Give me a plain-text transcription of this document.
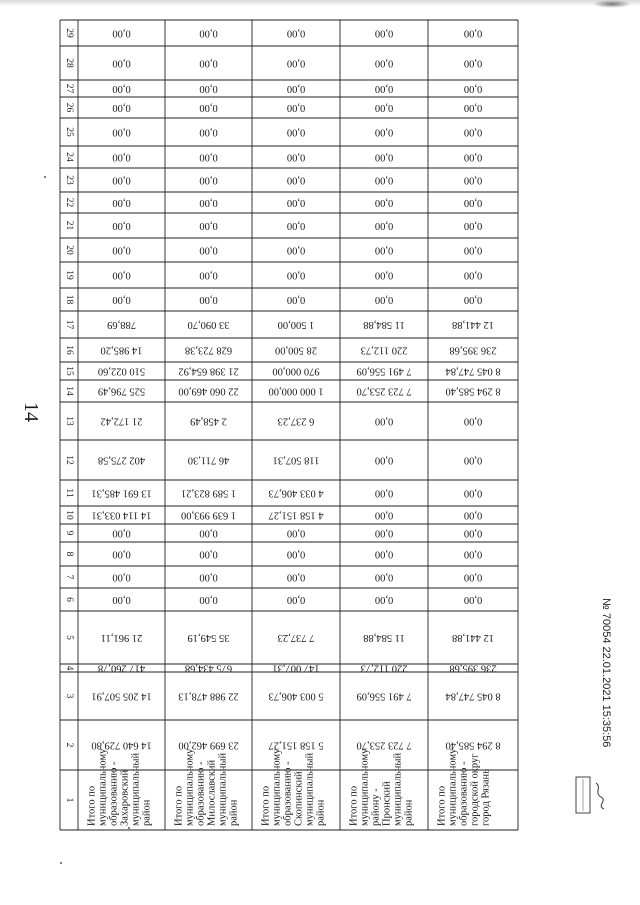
14
29
28
27
26
25
24
23
22
21
20
19
18
17
16
15
14
13
12
11
10
9
8
7
6
5
4
3
2
1
0,00
0,00
0,00
0,00
0,00
0,00
0,00
0,00
0,00
0,00
0,00
0,00
788,69
14 985,20
510 022,60
525 796,49
21 172,42
402 275,58
13 691 485,31
14 114 033,31
0,00
0,00
0,00
0,00
21 961,11
417 260,78
14 205 507,91
14 640 729,80
Итого по муниципальному образованию - Захаровский муниципальный район
0,00
0,00
0,00
0,00
0,00
0,00
0,00
0,00
0,00
0,00
0,00
0,00
33 090,70
628 723,38
21 398 654,92
22 060 469,00
2 458,49
46 711,30
1 589 823,21
1 639 993,00
0,00
0,00
0,00
0,00
35 549,19
675 434,68
22 988 478,13
23 699 462,00
Итого по муниципальному образованию - Милославский муниципальный район
0,00
0,00
0,00
0,00
0,00
0,00
0,00
0,00
0,00
0,00
0,00
0,00
1 500,00
28 500,00
970 000,00
1 000 000,00
6 237,23
118 507,31
4 033 406,73
4 158 151,27
0,00
0,00
0,00
0,00
7 737,23
147 007,31
5 003 406,73
5 158 151,27
Итого по муниципальному образованию - Скопинский муниципальный район
0,00
0,00
0,00
0,00
0,00
0,00
0,00
0,00
0,00
0,00
0,00
0,00
11 584,88
220 112,73
7 491 556,09
7 723 253,70
0,00
0,00
0,00
0,00
0,00
0,00
0,00
0,00
11 584,88
220 112,73
7 491 556,09
7 723 253,70
Итого по муниципальному району - Пронский муниципальный район
0,00
0,00
0,00
0,00
0,00
0,00
0,00
0,00
0,00
0,00
0,00
0,00
12 441,88
236 395,68
8 045 747,84
8 294 585,40
0,00
0,00
0,00
0,00
0,00
0,00
0,00
0,00
12 441,88
236 395,68
8 045 747,84
8 294 585,40
Итого по муниципальному образованию - городской округ город Рязань
№ 70054 22.01.2021 15:35:56
